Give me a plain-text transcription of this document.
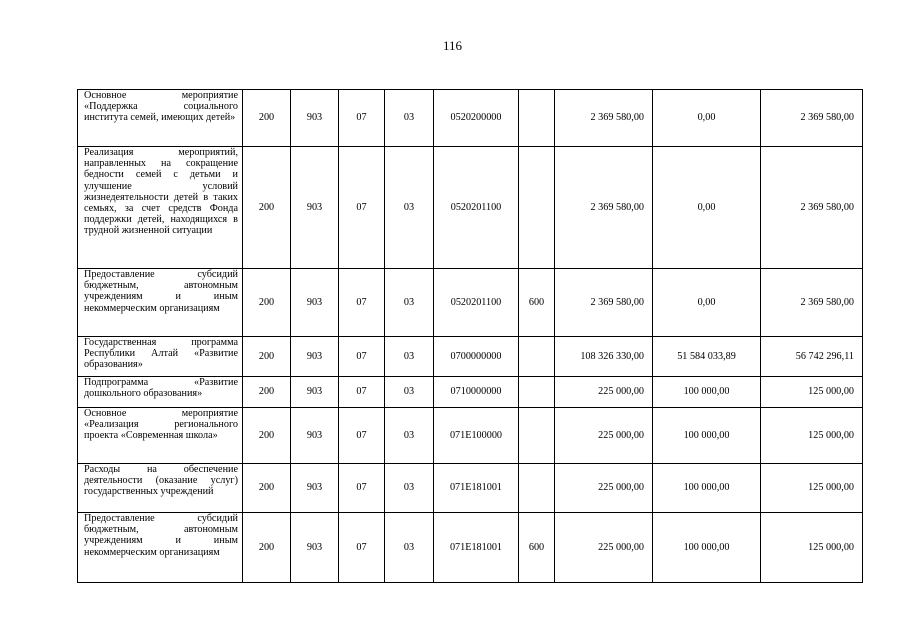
116
Основное мероприятие «Поддержка социального института семей, имеющих детей»	200	903	07	03	0520200000		2 369 580,00	0,00	2 369 580,00
Реализация мероприятий, направленных на сокращение бедности семей с детьми и улучшение условий жизнедеятельности детей в таких семьях, за счет средств Фонда поддержки детей, находящихся в трудной жизненной ситуации	200	903	07	03	0520201100		2 369 580,00	0,00	2 369 580,00
Предоставление субсидий бюджетным, автономным учреждениям и иным некоммерческим организациям	200	903	07	03	0520201100	600	2 369 580,00	0,00	2 369 580,00
Государственная программа Республики Алтай «Развитие образования»	200	903	07	03	0700000000		108 326 330,00	51 584 033,89	56 742 296,11
Подпрограмма «Развитие дошкольного образования»	200	903	07	03	0710000000		225 000,00	100 000,00	125 000,00
Основное мероприятие «Реализация регионального проекта «Современная школа»	200	903	07	03	071E100000		225 000,00	100 000,00	125 000,00
Расходы на обеспечение деятельности (оказание услуг) государственных учреждений	200	903	07	03	071E181001		225 000,00	100 000,00	125 000,00
Предоставление субсидий бюджетным, автономным учреждениям и иным некоммерческим организациям	200	903	07	03	071E181001	600	225 000,00	100 000,00	125 000,00
